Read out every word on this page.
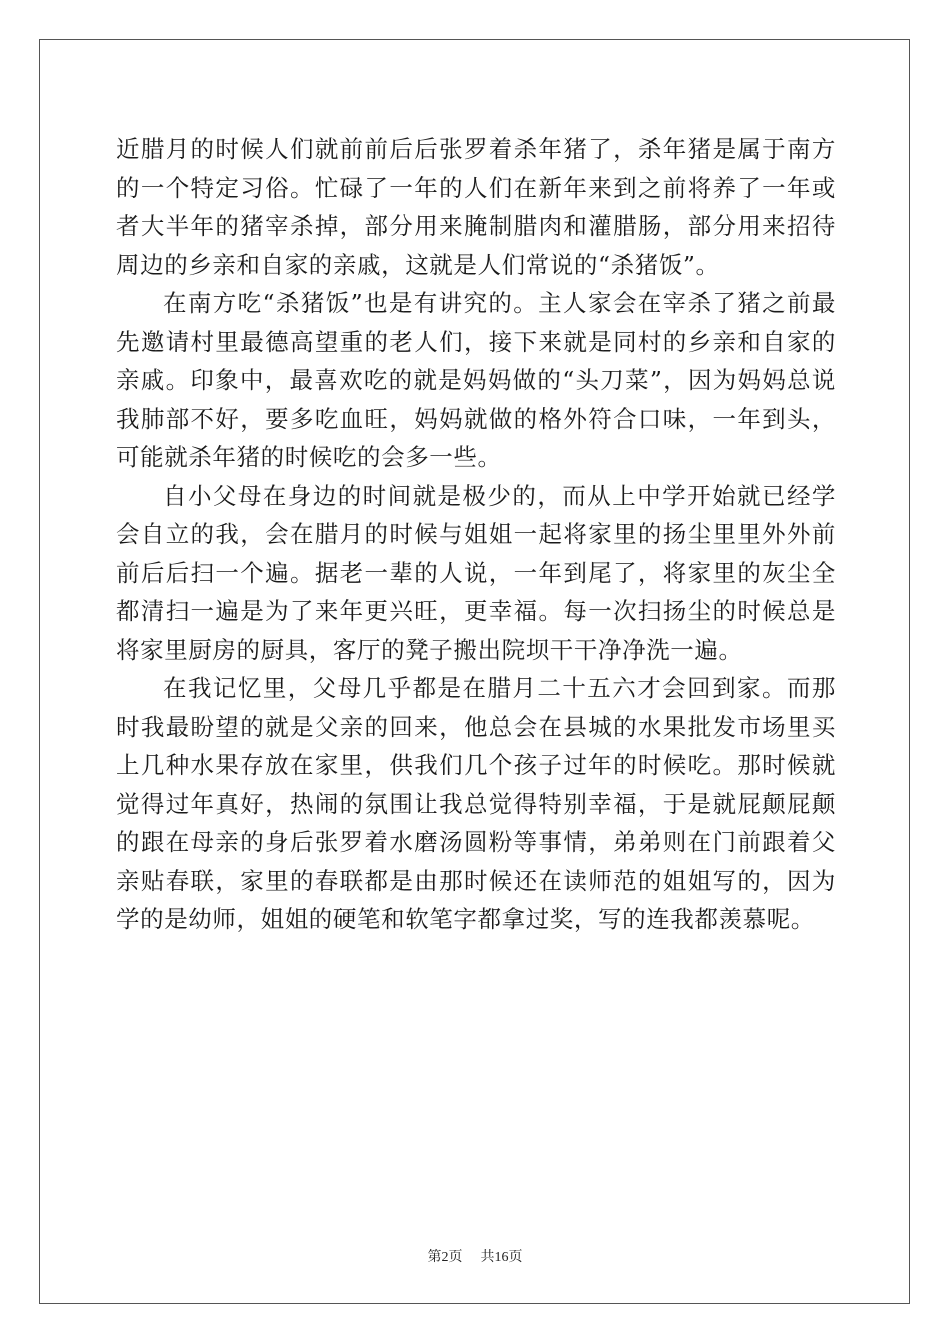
近腊月的时候人们就前前后后张罗着杀年猪了，杀年猪是属于南方的一个特定习俗。忙碌了一年的人们在新年来到之前将养了一年或者大半年的猪宰杀掉，部分用来腌制腊肉和灌腊肠，部分用来招待周边的乡亲和自家的亲戚，这就是人们常说的“杀猪饭”。

在南方吃“杀猪饭”也是有讲究的。主人家会在宰杀了猪之前最先邀请村里最德高望重的老人们，接下来就是同村的乡亲和自家的亲戚。印象中，最喜欢吃的就是妈妈做的“头刀菜”，因为妈妈总说我肺部不好，要多吃血旺，妈妈就做的格外符合口味，一年到头，可能就杀年猪的时候吃的会多一些。

自小父母在身边的时间就是极少的，而从上中学开始就已经学会自立的我，会在腊月的时候与姐姐一起将家里的扬尘里里外外前前后后扫一个遍。据老一辈的人说，一年到尾了，将家里的灰尘全都清扫一遍是为了来年更兴旺，更幸福。每一次扫扬尘的时候总是将家里厨房的厨具，客厅的凳子搬出院坝干干净净洗一遍。

在我记忆里，父母几乎都是在腊月二十五六才会回到家。而那时我最盼望的就是父亲的回来，他总会在县城的水果批发市场里买上几种水果存放在家里，供我们几个孩子过年的时候吃。那时候就觉得过年真好，热闹的氛围让我总觉得特别幸福，于是就屁颠屁颠的跟在母亲的身后张罗着水磨汤圆粉等事情，弟弟则在门前跟着父亲贴春联，家里的春联都是由那时候还在读师范的姐姐写的，因为学的是幼师，姐姐的硬笔和软笔字都拿过奖，写的连我都羡慕呢。

第2页 共16页
